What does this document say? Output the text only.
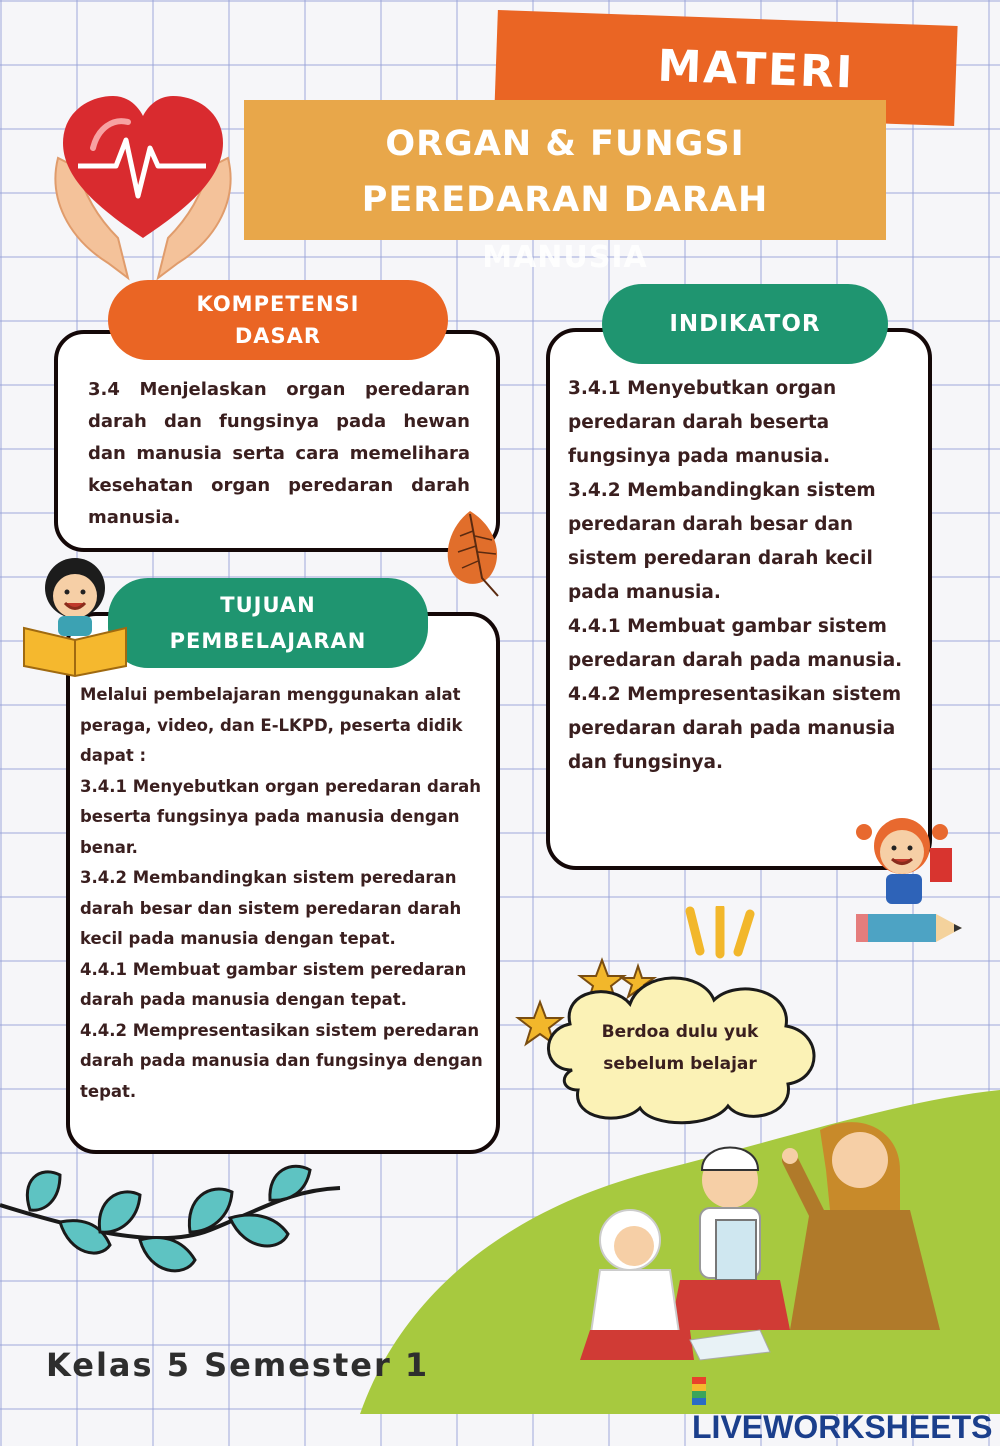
MATERI
ORGAN & FUNGSI
PEREDARAN DARAH
MANUSIA

3.4 Menjelaskan organ peredaran darah dan fungsinya pada hewan dan manusia serta cara memelihara kesehatan organ peredaran darah manusia.

KOMPETENSI
DASAR
3.4.1 Menyebutkan organ peredaran darah beserta fungsinya pada manusia.
3.4.2 Membandingkan sistem peredaran darah besar dan sistem peredaran darah kecil pada manusia.
4.4.1 Membuat gambar sistem peredaran darah pada manusia.
4.4.2 Mempresentasikan sistem peredaran darah pada manusia dan fungsinya.
INDIKATOR
Melalui pembelajaran menggunakan alat peraga, video, dan E-LKPD, peserta didik dapat :
3.4.1 Menyebutkan organ peredaran darah beserta fungsinya pada manusia dengan benar.
3.4.2 Membandingkan sistem peredaran darah besar dan sistem peredaran darah kecil pada manusia dengan tepat.
4.4.1 Membuat gambar sistem peredaran darah pada manusia dengan tepat.
4.4.2 Mempresentasikan sistem peredaran darah pada manusia dan fungsinya dengan tepat.
TUJUAN
PEMBELAJARAN
Berdoa dulu yuk
sebelum belajar
Kelas 5 Semester 1
LIVEWORKSHEETS
